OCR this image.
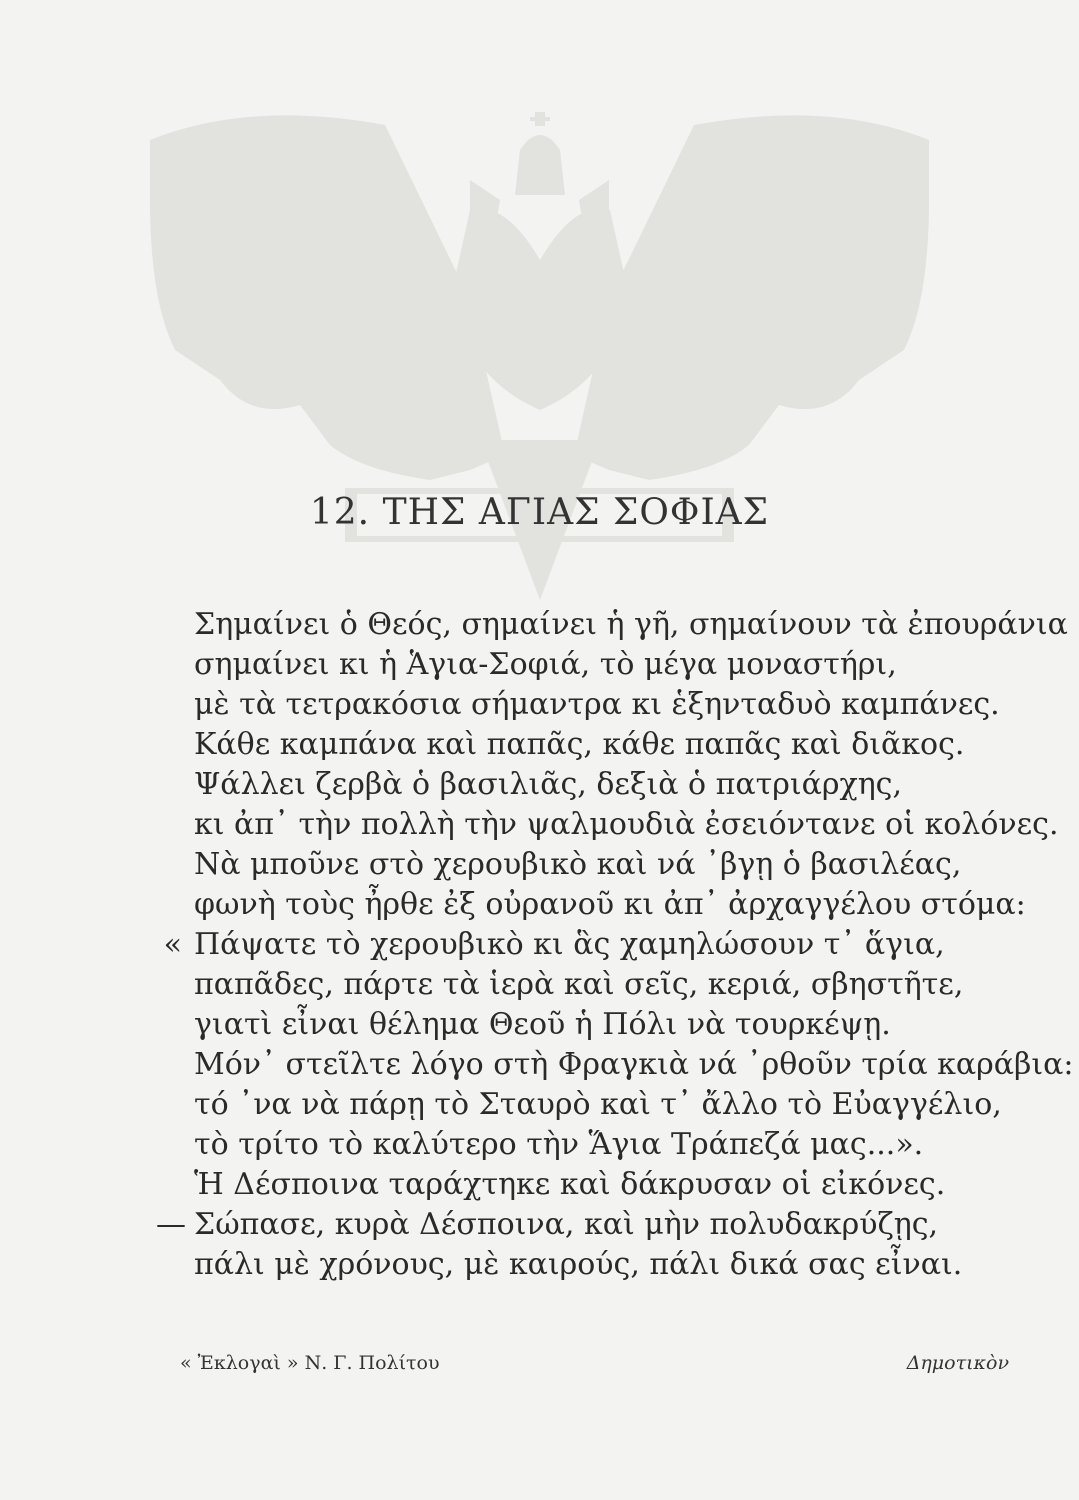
12. ΤΗΣ ΑΓΙΑΣ ΣΟΦΙΑΣ
Σημαίνει ὁ Θεός, σημαίνει ἡ γῆ, σημαίνουν τὰ ἐπουράνια
σημαίνει κι ἡ Ἁγια-Σοφιά, τὸ μέγα μοναστήρι,
μὲ τὰ τετρακόσια σήμαντρα κι ἑξηνταδυὸ καμπάνες.
Κάθε καμπάνα καὶ παπᾶς, κάθε παπᾶς καὶ διᾶκος.
Ψάλλει ζερβὰ ὁ βασιλιᾶς, δεξιὰ ὁ πατριάρχης,
κι ἀπ᾿ τὴν πολλὴ τὴν ψαλμουδιὰ ἐσειόντανε οἱ κολόνες.
Νὰ μποῦνε στὸ χερουβικὸ καὶ νά ᾿βγῃ ὁ βασιλέας,
φωνὴ τοὺς ἦρθε ἐξ οὐρανοῦ κι ἀπ᾿ ἀρχαγγέλου στόμα:
« Πάψατε τὸ χερουβικὸ κι ἃς χαμηλώσουν τ᾿ ἅγια,
παπᾶδες, πάρτε τὰ ἱερὰ καὶ σεῖς, κεριά, σβηστῆτε,
γιατὶ εἶναι θέλημα Θεοῦ ἡ Πόλι νὰ τουρκέψῃ.
Μόν᾿ στεῖλτε λόγο στὴ Φραγκιὰ νά ᾿ρθοῦν τρία καράβια:
τό ᾿να νὰ πάρῃ τὸ Σταυρὸ καὶ τ᾿ ἄλλο τὸ Εὐαγγέλιο,
τὸ τρίτο τὸ καλύτερο τὴν Ἅγια Τράπεζά μας...».
Ἡ Δέσποινα ταράχτηκε καὶ δάκρυσαν οἱ εἰκόνες.
— Σώπασε, κυρὰ Δέσποινα, καὶ μὴν πολυδακρύζῃς,
πάλι μὲ χρόνους, μὲ καιρούς, πάλι δικά σας εἶναι.
« Ἐκλογαὶ » Ν. Γ. Πολίτου	Δημοτικὸν
